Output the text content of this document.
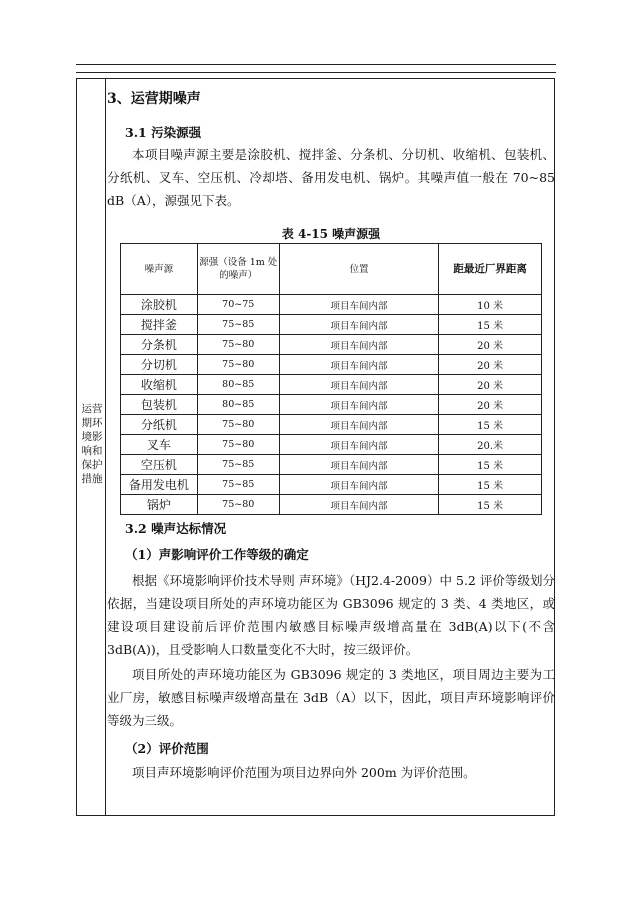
运营期环境影响和保护措施
3、运营期噪声
3.1 污染源强
本项目噪声源主要是涂胶机、搅拌釜、分条机、分切机、收缩机、包装机、分纸机、叉车、空压机、冷却塔、备用发电机、锅炉。其噪声值一般在 70~85 dB（A），源强见下表。
表 4-15 噪声源强
噪声源	源强（设备 1m 处的噪声）	位置	距最近厂界距离
涂胶机	70~75	项目车间内部	10 米
搅拌釜	75~85	项目车间内部	15 米
分条机	75~80	项目车间内部	20 米
分切机	75~80	项目车间内部	20 米
收缩机	80~85	项目车间内部	20 米
包装机	80~85	项目车间内部	20 米
分纸机	75~80	项目车间内部	15 米
叉车	75~80	项目车间内部	20.米
空压机	75~85	项目车间内部	15 米
备用发电机	75~85	项目车间内部	15 米
锅炉	75~80	项目车间内部	15 米
3.2 噪声达标情况
（1）声影响评价工作等级的确定
根据《环境影响评价技术导则 声环境》（HJ2.4-2009）中 5.2 评价等级划分依据，当建设项目所处的声环境功能区为 GB3096 规定的 3 类、4 类地区，或建设项目建设前后评价范围内敏感目标噪声级增高量在 3dB(A)以下(不含 3dB(A))，且受影响人口数量变化不大时，按三级评价。
项目所处的声环境功能区为 GB3096 规定的 3 类地区，项目周边主要为工业厂房，敏感目标噪声级增高量在 3dB（A）以下，因此，项目声环境影响评价等级为三级。
（2）评价范围
项目声环境影响评价范围为项目边界向外 200m 为评价范围。
